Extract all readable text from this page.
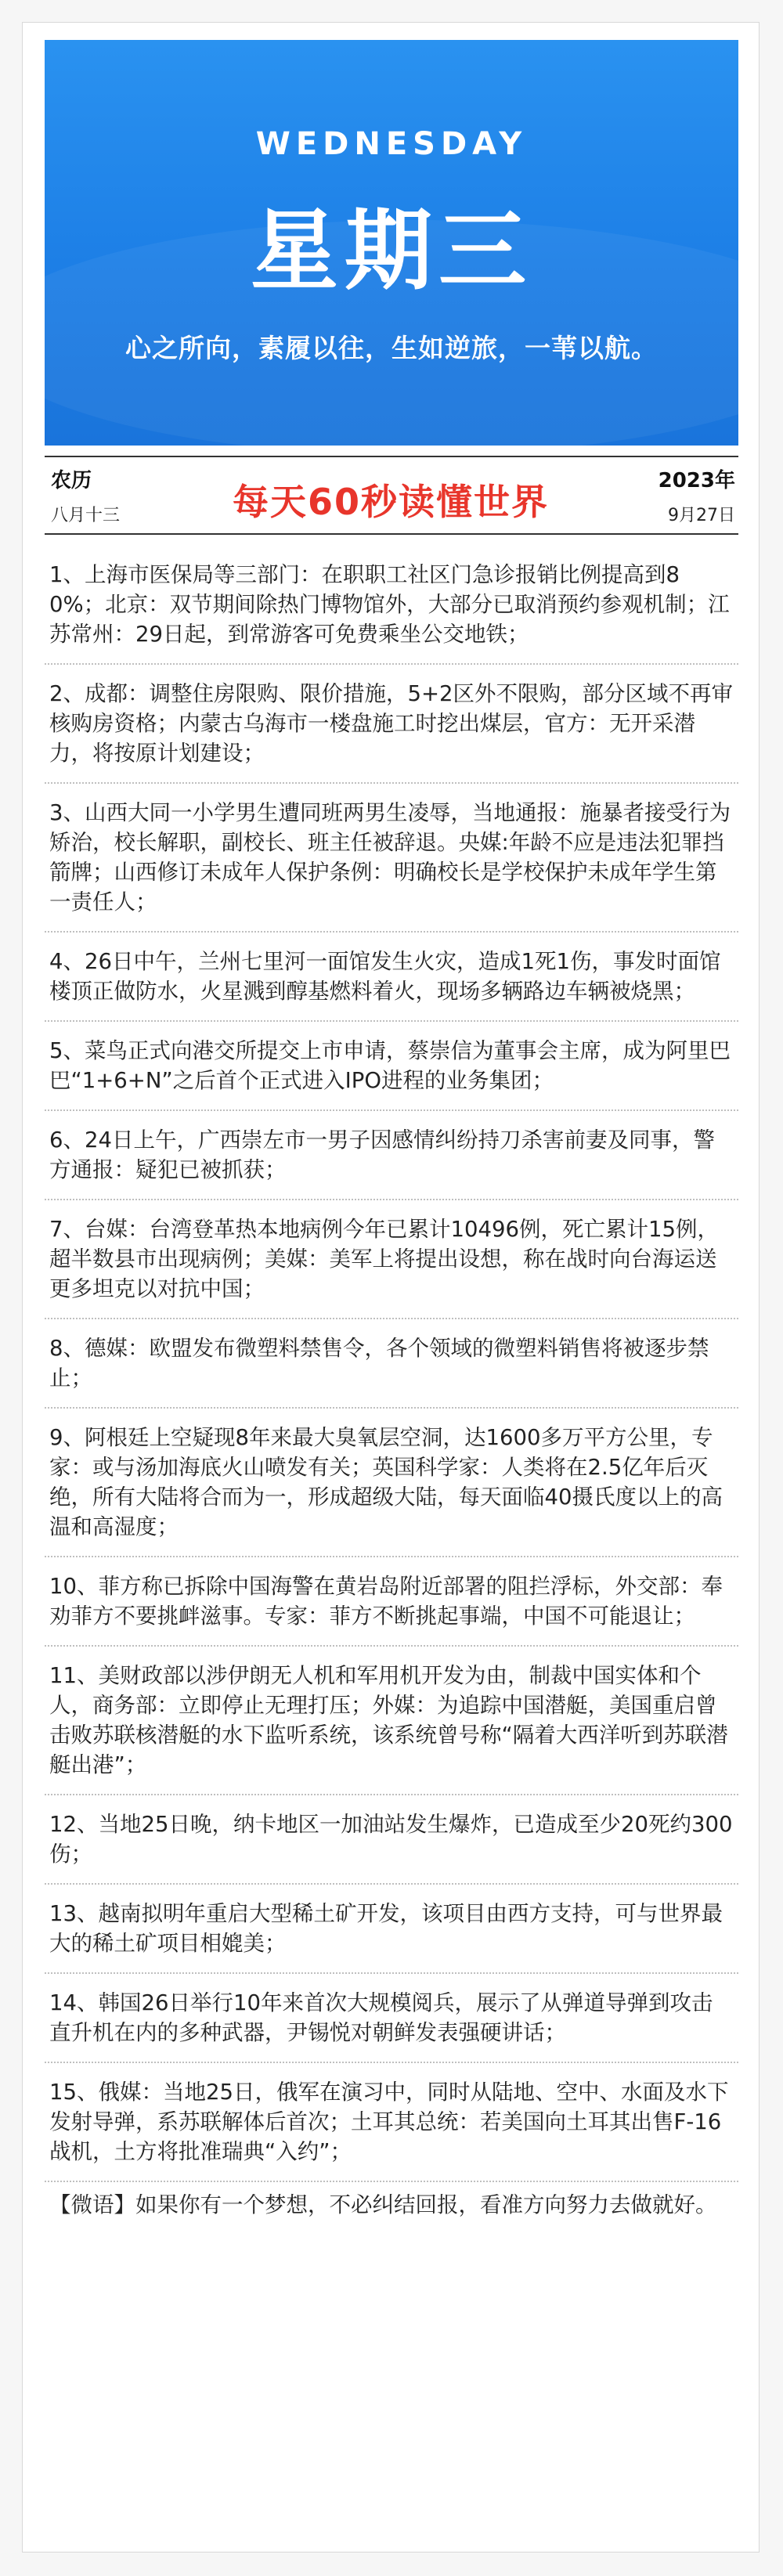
WEDNESDAY
星期三
心之所向，素履以往，生如逆旅，一苇以航。
农历
八月十三	每天60秒读懂世界	2023年
9月27日
1、上海市医保局等三部门：在职职工社区门急诊报销比例提高到80%；北京：双节期间除热门博物馆外，大部分已取消预约参观机制；江苏常州：29日起，到常游客可免费乘坐公交地铁；
2、成都：调整住房限购、限价措施，5+2区外不限购，部分区域不再审核购房资格；内蒙古乌海市一楼盘施工时挖出煤层，官方：无开采潜力，将按原计划建设；
3、山西大同一小学男生遭同班两男生凌辱，当地通报：施暴者接受行为矫治，校长解职，副校长、班主任被辞退。央媒:年龄不应是违法犯罪挡箭牌；山西修订未成年人保护条例：明确校长是学校保护未成年学生第一责任人；
4、26日中午，兰州七里河一面馆发生火灾，造成1死1伤，事发时面馆楼顶正做防水，火星溅到醇基燃料着火，现场多辆路边车辆被烧黑；
5、菜鸟正式向港交所提交上市申请，蔡崇信为董事会主席，成为阿里巴巴“1+6+N”之后首个正式进入IPO进程的业务集团；
6、24日上午，广西崇左市一男子因感情纠纷持刀杀害前妻及同事，警方通报：疑犯已被抓获；
7、台媒：台湾登革热本地病例今年已累计10496例，死亡累计15例，超半数县市出现病例；美媒：美军上将提出设想，称在战时向台海运送更多坦克以对抗中国；
8、德媒：欧盟发布微塑料禁售令，各个领域的微塑料销售将被逐步禁止；
9、阿根廷上空疑现8年来最大臭氧层空洞，达1600多万平方公里，专家：或与汤加海底火山喷发有关；英国科学家：人类将在2.5亿年后灭绝，所有大陆将合而为一，形成超级大陆，每天面临40摄氏度以上的高温和高湿度；
10、菲方称已拆除中国海警在黄岩岛附近部署的阻拦浮标，外交部：奉劝菲方不要挑衅滋事。专家：菲方不断挑起事端，中国不可能退让；
11、美财政部以涉伊朗无人机和军用机开发为由，制裁中国实体和个人，商务部：立即停止无理打压；外媒：为追踪中国潜艇，美国重启曾击败苏联核潜艇的水下监听系统，该系统曾号称“隔着大西洋听到苏联潜艇出港”；
12、当地25日晚，纳卡地区一加油站发生爆炸，已造成至少20死约300伤；
13、越南拟明年重启大型稀土矿开发，该项目由西方支持，可与世界最大的稀土矿项目相媲美；
14、韩国26日举行10年来首次大规模阅兵，展示了从弹道导弹到攻击直升机在内的多种武器，尹锡悦对朝鲜发表强硬讲话；
15、俄媒：当地25日，俄军在演习中，同时从陆地、空中、水面及水下发射导弹，系苏联解体后首次；土耳其总统：若美国向土耳其出售F-16战机，土方将批准瑞典“入约”；
【微语】如果你有一个梦想，不必纠结回报，看准方向努力去做就好。
